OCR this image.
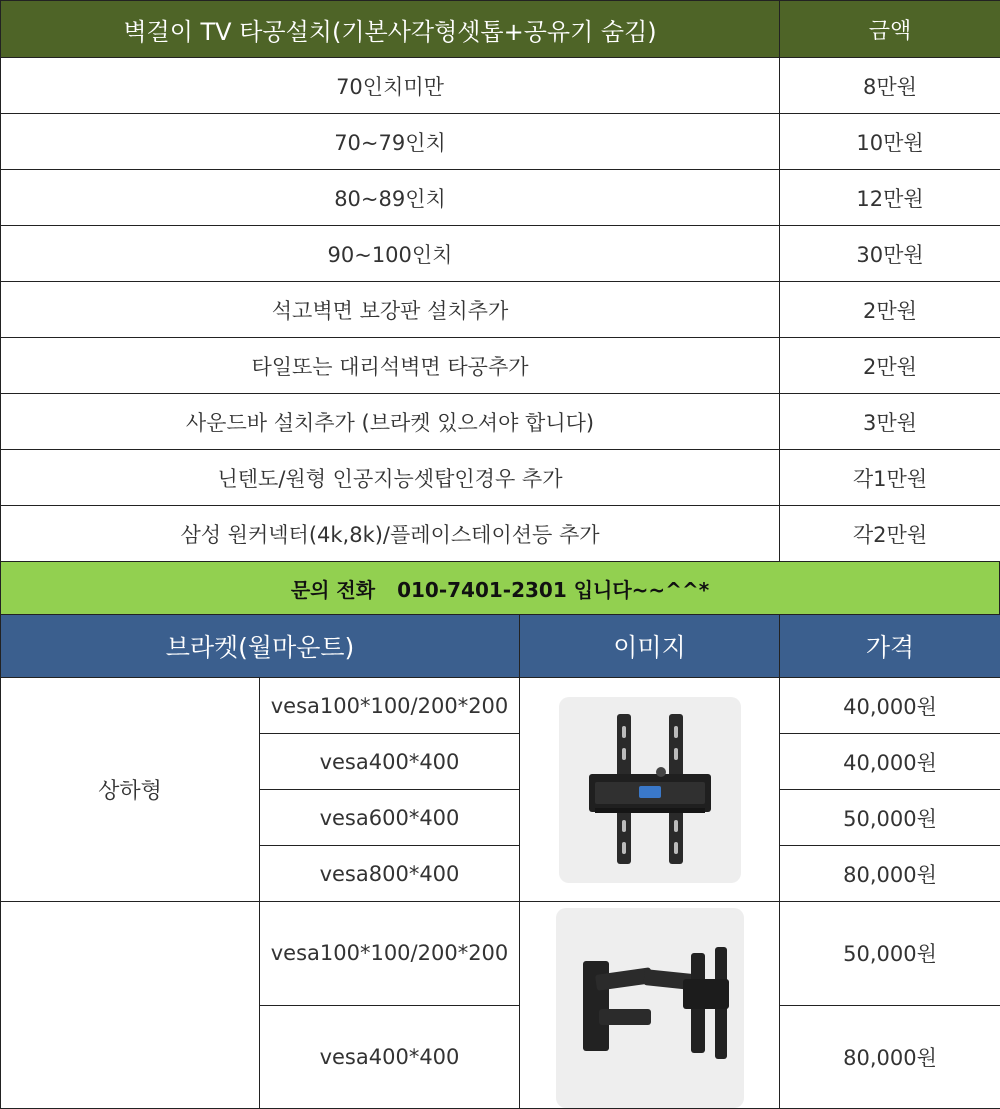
벽걸이 TV 타공설치(기본사각형셋톱+공유기 숨김)	금액
70인치미만	8만원
70~79인치	10만원
80~89인치	12만원
90~100인치	30만원
석고벽면 보강판 설치추가	2만원
타일또는 대리석벽면 타공추가	2만원
사운드바 설치추가 (브라켓 있으셔야 합니다)	3만원
닌텐도/원형 인공지능셋탑인경우 추가	각1만원
삼성 원커넥터(4k,8k)/플레이스테이션등 추가	각2만원
문의 전화 010-7401-2301 입니다~~^^*
브라켓(월마운트)		이미지	가격
상하형	vesa100*100/200*200		40,000원
	vesa400*400		40,000원
	vesa600*400		50,000원
	vesa800*400		80,000원
	vesa100*100/200*200		50,000원
	vesa400*400		80,000원
